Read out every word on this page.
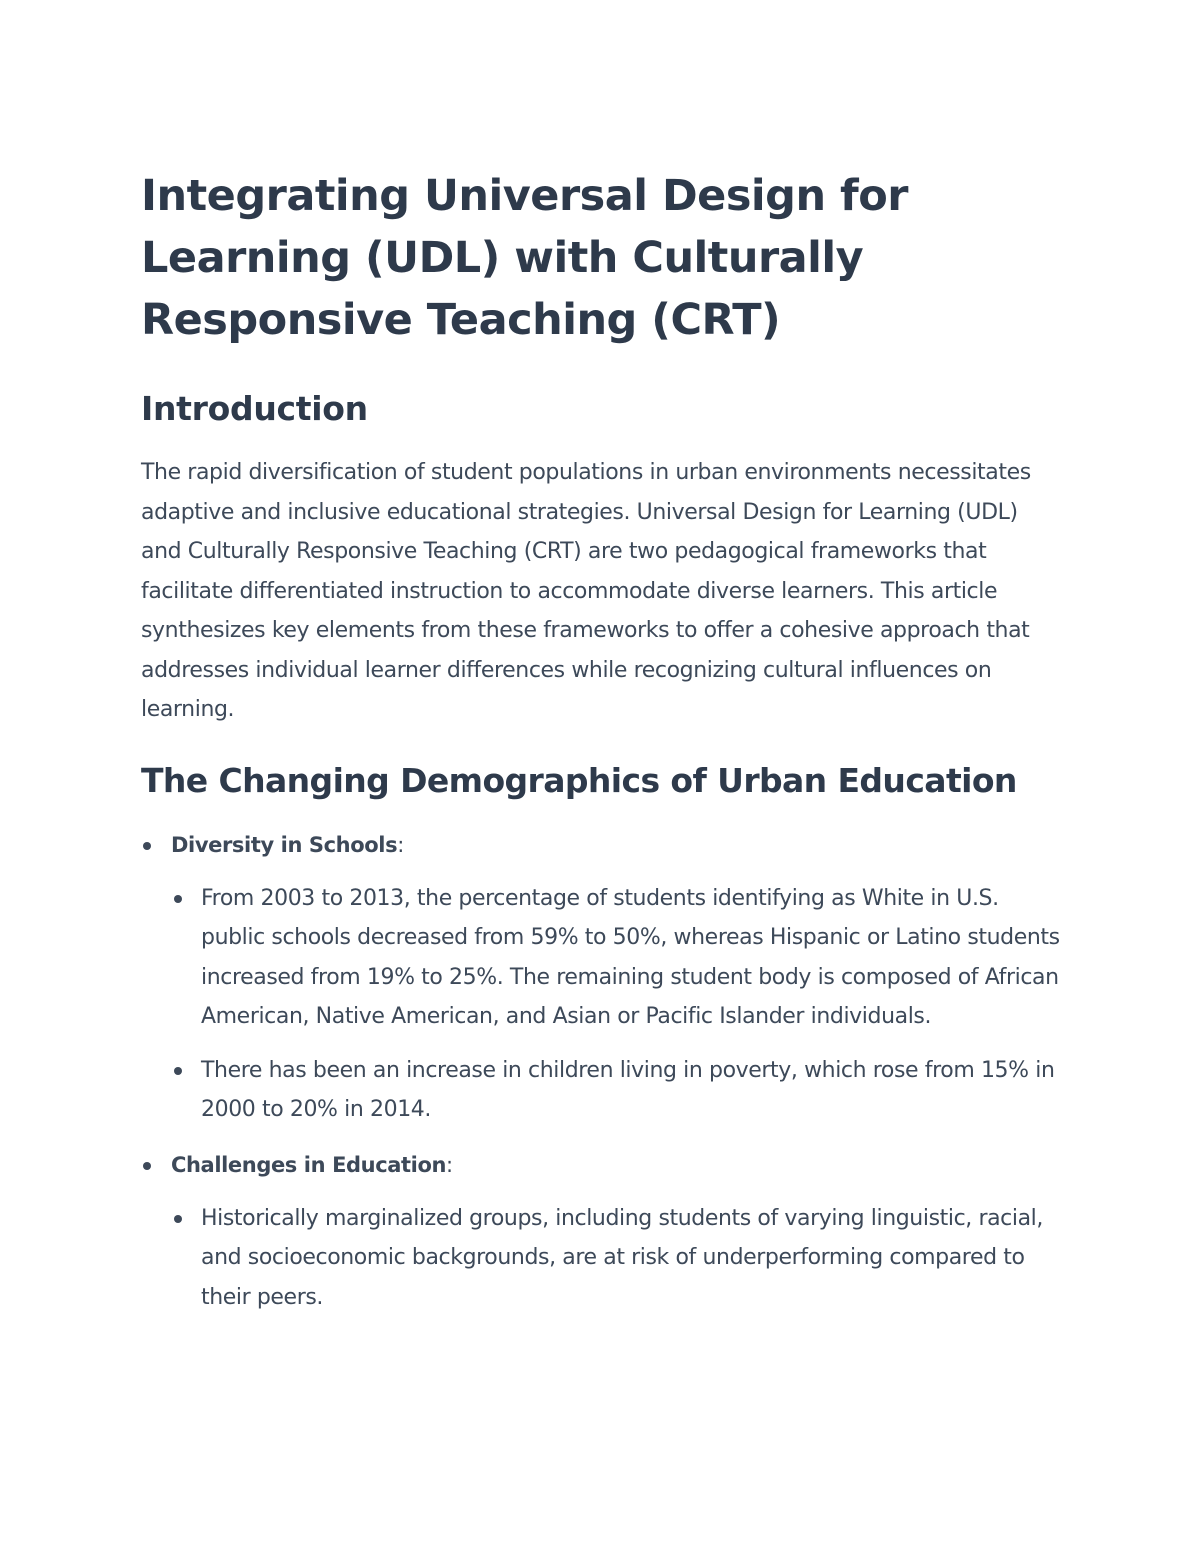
Integrating Universal Design for
Learning (UDL) with Culturally
Responsive Teaching (CRT)
Introduction

The rapid diversification of student populations in urban environments necessitates adaptive and inclusive educational strategies. Universal Design for Learning (UDL) and Culturally Responsive Teaching (CRT) are two pedagogical frameworks that facilitate differentiated instruction to accommodate diverse learners. This article synthesizes key elements from these frameworks to offer a cohesive approach that addresses individual learner differences while recognizing cultural influences on learning.

The Changing Demographics of Urban Education
Diversity in Schools:
From 2003 to 2013, the percentage of students identifying as White in U.S. public schools decreased from 59% to 50%, whereas Hispanic or Latino students increased from 19% to 25%. The remaining student body is composed of African American, Native American, and Asian or Pacific Islander individuals.
There has been an increase in children living in poverty, which rose from 15% in 2000 to 20% in 2014.
Challenges in Education:
Historically marginalized groups, including students of varying linguistic, racial, and socioeconomic backgrounds, are at risk of underperforming compared to their peers.
